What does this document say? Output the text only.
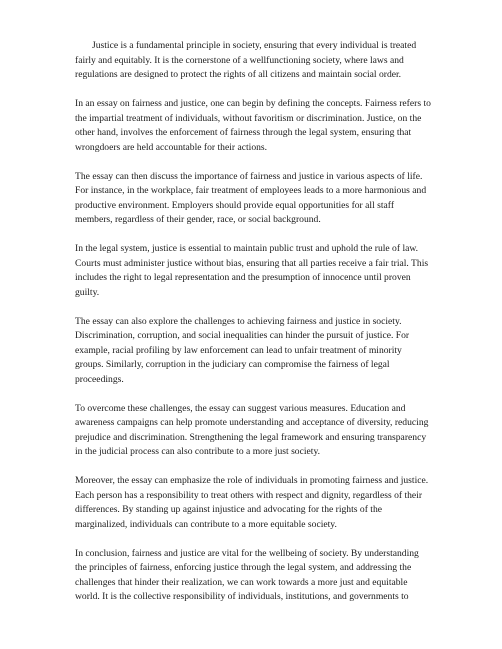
Justice is a fundamental principle in society, ensuring that every individual is treated fairly and equitably. It is the cornerstone of a wellfunctioning society, where laws and regulations are designed to protect the rights of all citizens and maintain social order.

In an essay on fairness and justice, one can begin by defining the concepts. Fairness refers to the impartial treatment of individuals, without favoritism or discrimination. Justice, on the other hand, involves the enforcement of fairness through the legal system, ensuring that wrongdoers are held accountable for their actions.

The essay can then discuss the importance of fairness and justice in various aspects of life. For instance, in the workplace, fair treatment of employees leads to a more harmonious and productive environment. Employers should provide equal opportunities for all staff members, regardless of their gender, race, or social background.

In the legal system, justice is essential to maintain public trust and uphold the rule of law. Courts must administer justice without bias, ensuring that all parties receive a fair trial. This includes the right to legal representation and the presumption of innocence until proven guilty.

The essay can also explore the challenges to achieving fairness and justice in society. Discrimination, corruption, and social inequalities can hinder the pursuit of justice. For example, racial profiling by law enforcement can lead to unfair treatment of minority groups. Similarly, corruption in the judiciary can compromise the fairness of legal proceedings.

To overcome these challenges, the essay can suggest various measures. Education and awareness campaigns can help promote understanding and acceptance of diversity, reducing prejudice and discrimination. Strengthening the legal framework and ensuring transparency in the judicial process can also contribute to a more just society.

Moreover, the essay can emphasize the role of individuals in promoting fairness and justice. Each person has a responsibility to treat others with respect and dignity, regardless of their differences. By standing up against injustice and advocating for the rights of the marginalized, individuals can contribute to a more equitable society.

In conclusion, fairness and justice are vital for the wellbeing of society. By understanding the principles of fairness, enforcing justice through the legal system, and addressing the challenges that hinder their realization, we can work towards a more just and equitable world. It is the collective responsibility of individuals, institutions, and governments to
